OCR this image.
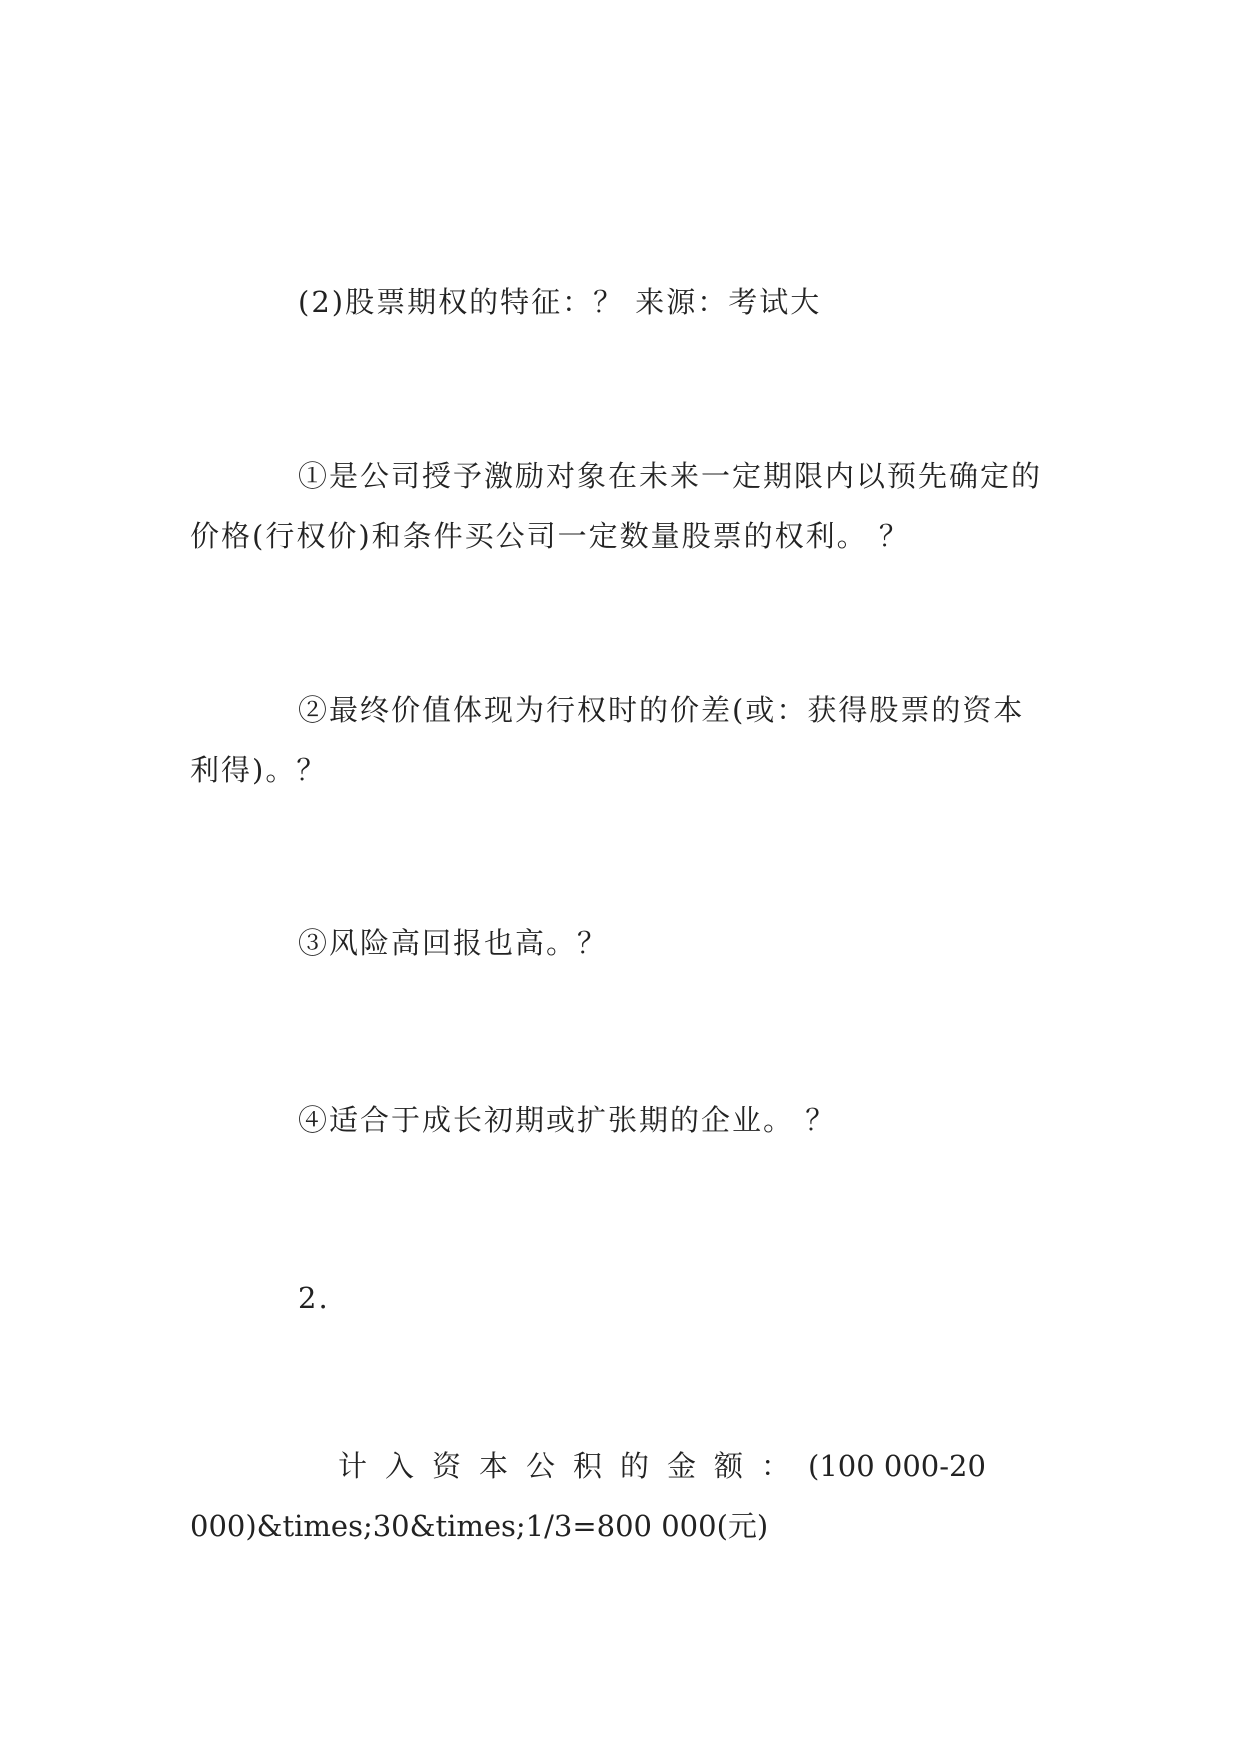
(2)股票期权的特征：？ 来源：考试大

①是公司授予激励对象在未来一定期限内以预先确定的价格(行权价)和条件买公司一定数量股票的权利。 ？

②最终价值体现为行权时的价差(或：获得股票的资本利得)。？

③风险高回报也高。？

④适合于成长初期或扩张期的企业。 ？

2.

计入资本公积的金额：(100 000-20
000)&times;30&times;1/3=800 000(元)
